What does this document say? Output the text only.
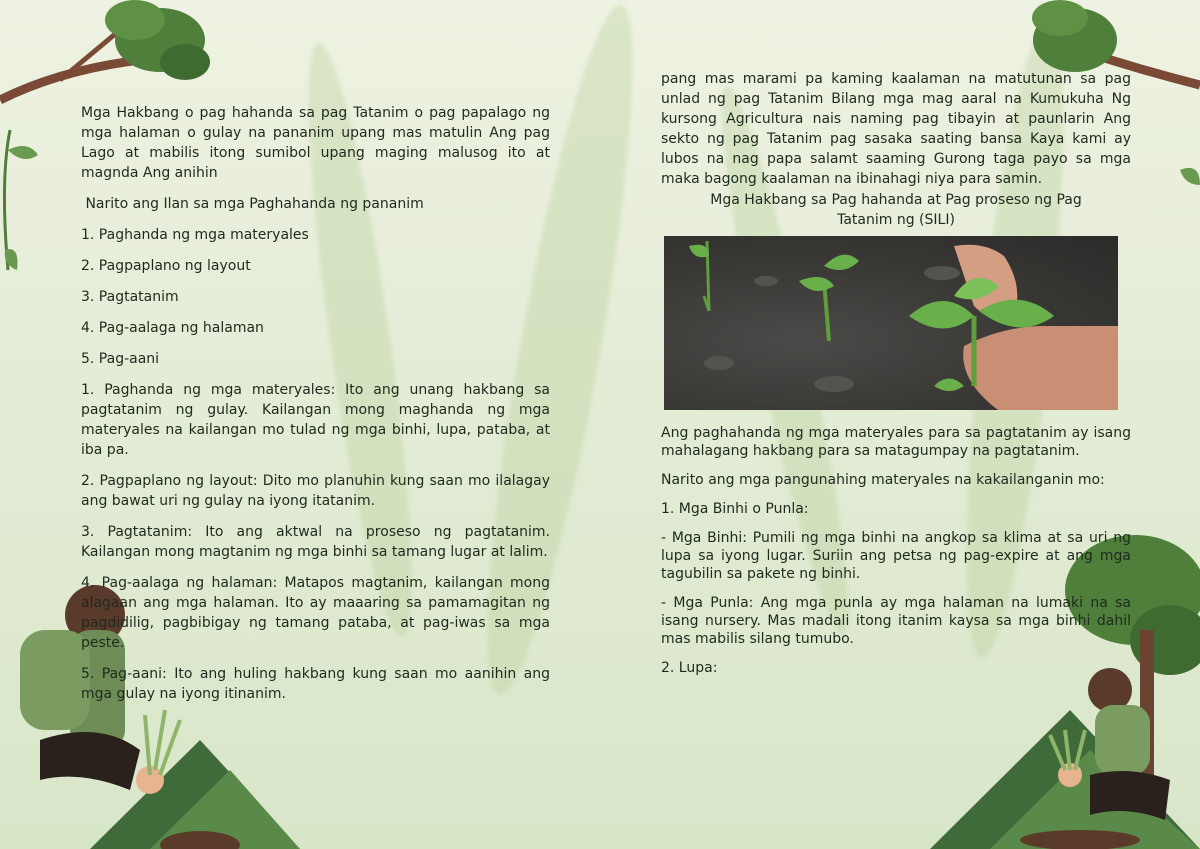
Mga Hakbang o pag hahanda sa pag Tatanim o pag papalago ng mga halaman o gulay na pananim upang mas matulin Ang pag Lago at mabilis itong sumibol upang maging malusog ito at magnda Ang anihin

Narito ang Ilan sa mga Paghahanda ng pananim

1. Paghanda ng mga materyales

2. Pagpaplano ng layout

3. Pagtatanim

4. Pag-aalaga ng halaman

5. Pag-aani

1. Paghanda ng mga materyales: Ito ang unang hakbang sa pagtatanim ng gulay. Kailangan mong maghanda ng mga materyales na kailangan mo tulad ng mga binhi, lupa, pataba, at iba pa.

2. Pagpaplano ng layout: Dito mo planuhin kung saan mo ilalagay ang bawat uri ng gulay na iyong itatanim.

3. Pagtatanim: Ito ang aktwal na proseso ng pagtatanim. Kailangan mong magtanim ng mga binhi sa tamang lugar at lalim.

4. Pag-aalaga ng halaman: Matapos magtanim, kailangan mong alagaan ang mga halaman. Ito ay maaaring sa pamamagitan ng pagdidilig, pagbibigay ng tamang pataba, at pag-iwas sa mga peste.

5. Pag-aani: Ito ang huling hakbang kung saan mo aanihin ang mga gulay na iyong itinanim.

pang mas marami pa kaming kaalaman na matutunan sa pag unlad ng pag Tatanim Bilang mga mag aaral na Kumukuha Ng kursong Agricultura nais naming pag tibayin at paunlarin Ang sekto ng pag Tatanim pag sasaka saating bansa Kaya kami ay lubos na nag papa salamt saaming Gurong taga payo sa mga maka bagong kaalaman na ibinahagi niya para samin.

Mga Hakbang sa Pag hahanda at Pag proseso ng Pag
Tatanim ng (SILI)

Ang paghahanda ng mga materyales para sa pagtatanim ay isang mahalagang hakbang para sa matagumpay na pagtatanim.

Narito ang mga pangunahing materyales na kakailanganin mo:

1. Mga Binhi o Punla:

- Mga Binhi: Pumili ng mga binhi na angkop sa klima at sa uri ng lupa sa iyong lugar. Suriin ang petsa ng pag-expire at ang mga tagubilin sa pakete ng binhi.

- Mga Punla: Ang mga punla ay mga halaman na lumaki na sa isang nursery. Mas madali itong itanim kaysa sa mga binhi dahil mas mabilis silang tumubo.

2. Lupa:
